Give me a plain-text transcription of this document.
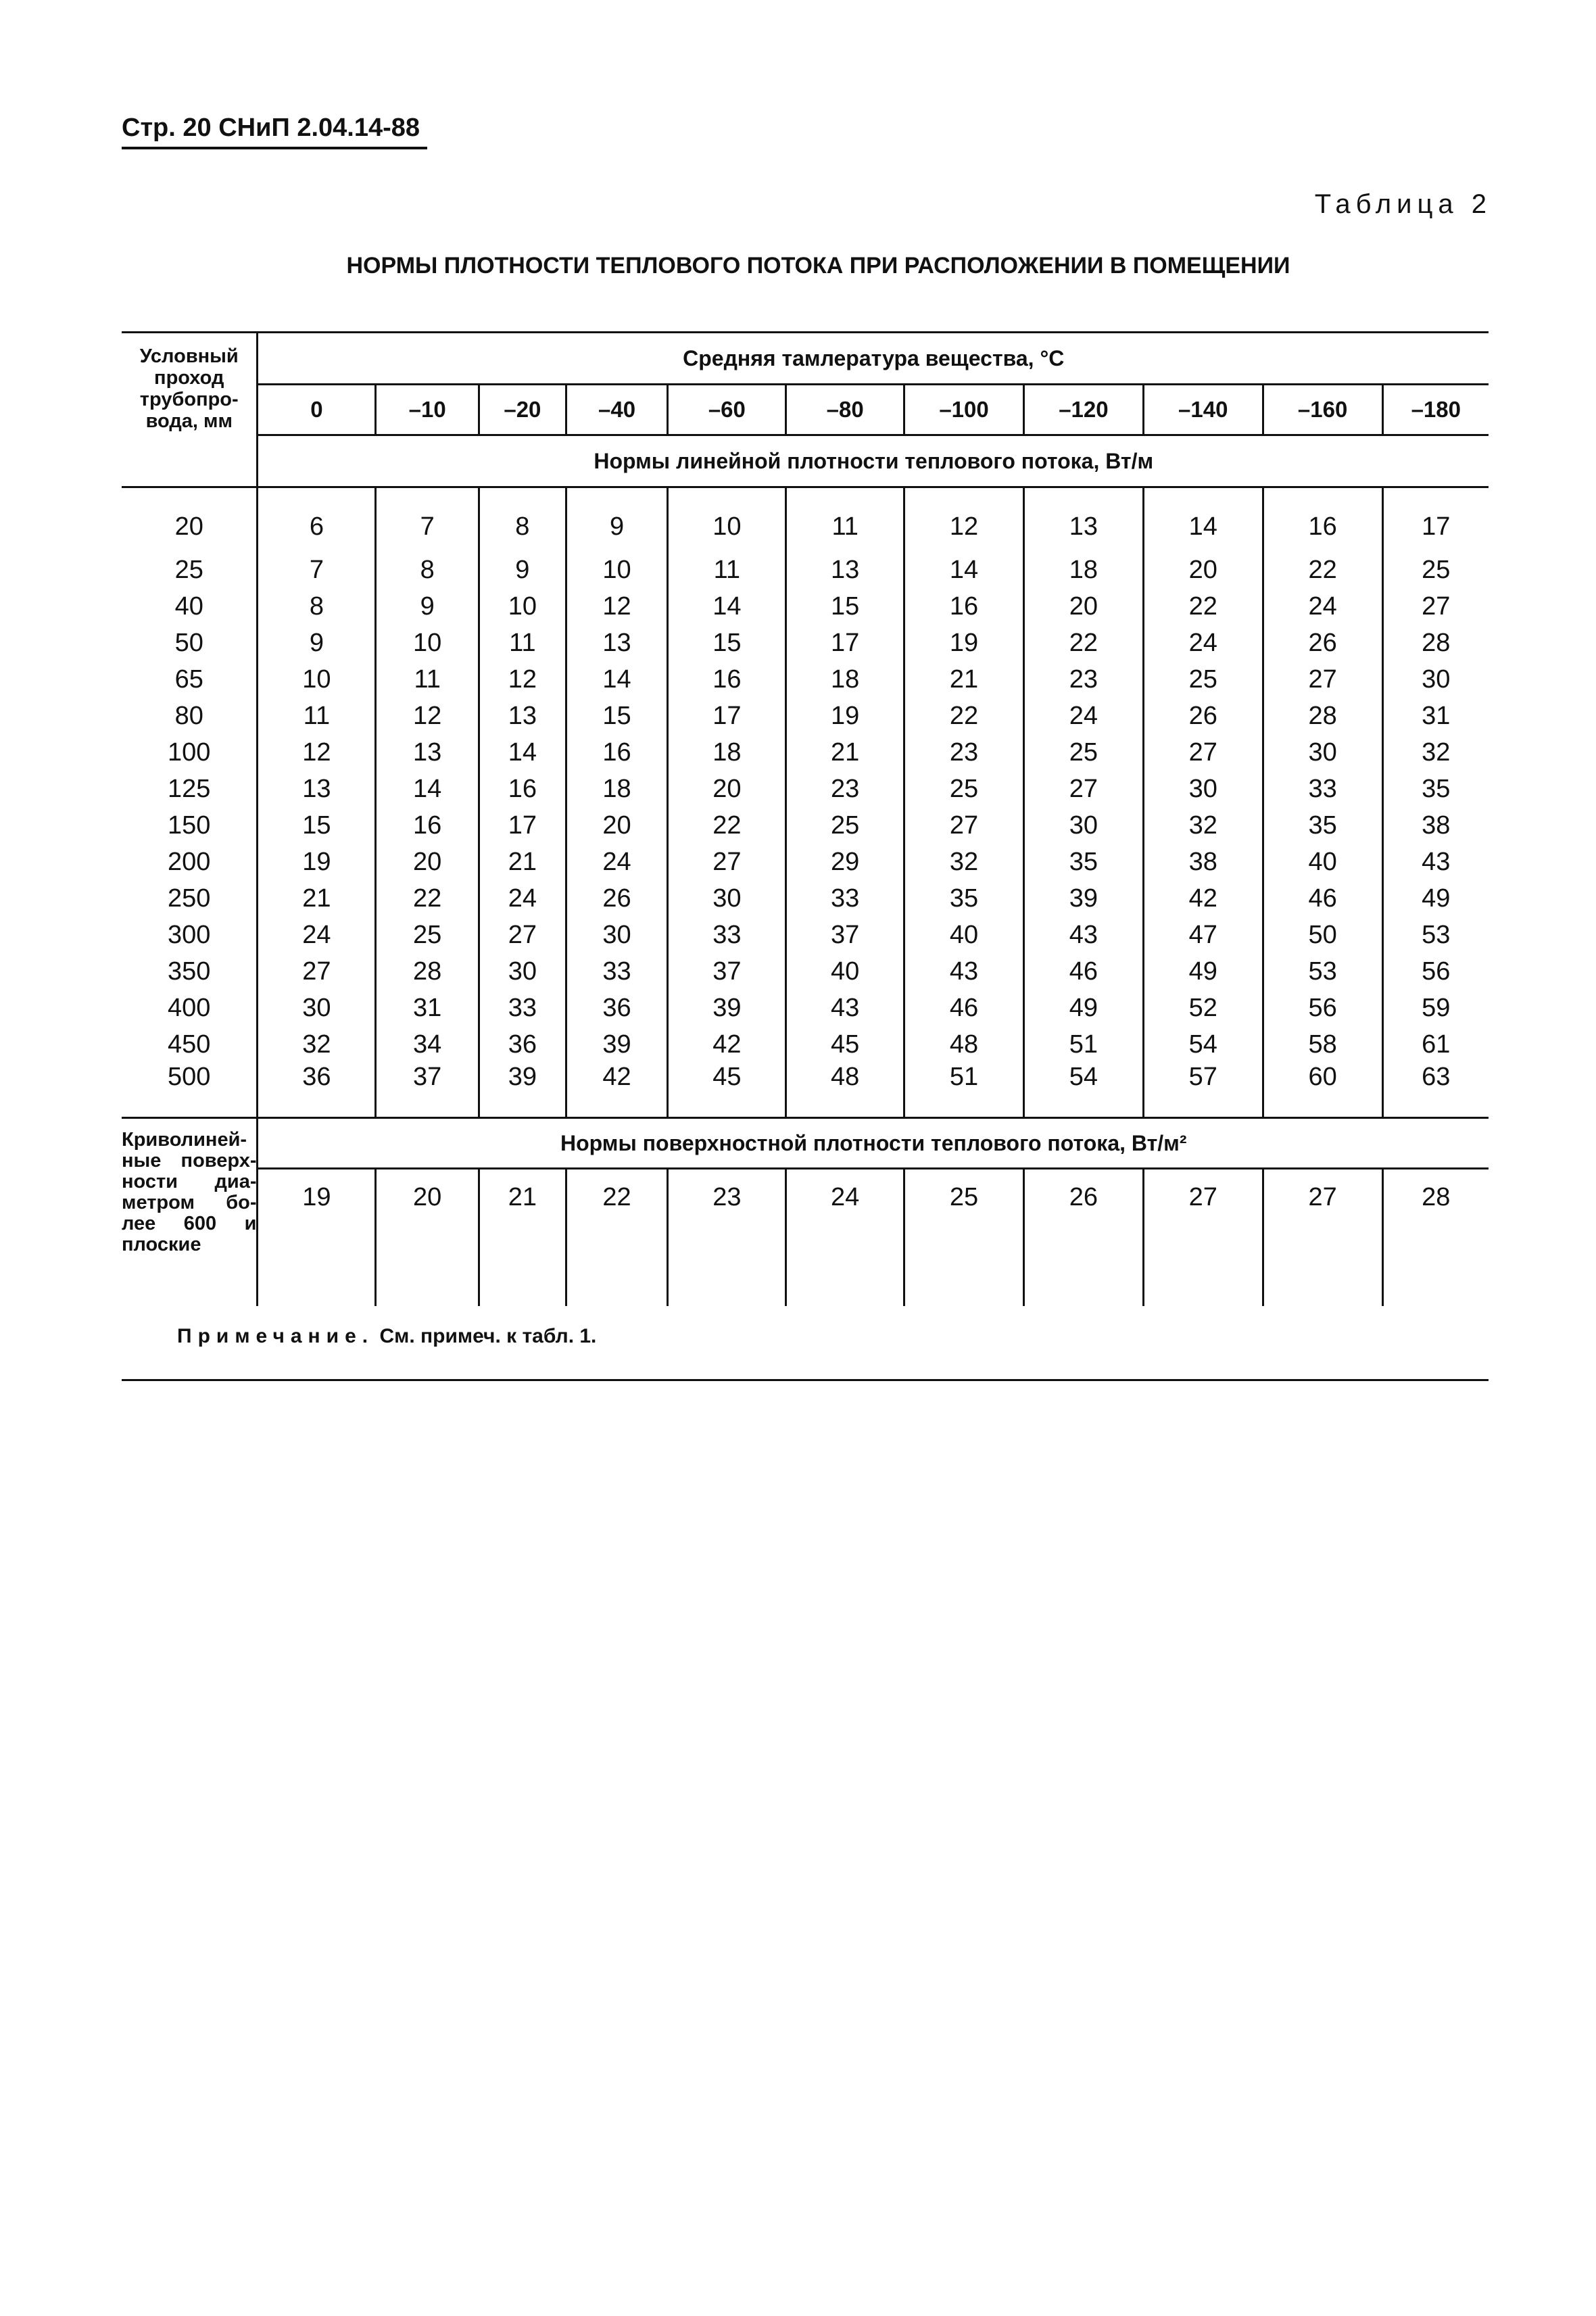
Стр. 20 СНиП 2.04.14-88
Таблица 2
НОРМЫ ПЛОТНОСТИ ТЕПЛОВОГО ПОТОКА ПРИ РАСПОЛОЖЕНИИ В ПОМЕЩЕНИИ
Условный проход трубопро- вода, мм	Средняя тамлература вещества, °С										
	0	–10	–20	–40	–60	–80	–100	–120	–140	–160	–180
	Нормы линейной плотности теплового потока, Вт/м										
20	6	7	8	9	10	11	12	13	14	16	17
25	7	8	9	10	11	13	14	18	20	22	25
40	8	9	10	12	14	15	16	20	22	24	27
50	9	10	11	13	15	17	19	22	24	26	28
65	10	11	12	14	16	18	21	23	25	27	30
80	11	12	13	15	17	19	22	24	26	28	31
100	12	13	14	16	18	21	23	25	27	30	32
125	13	14	16	18	20	23	25	27	30	33	35
150	15	16	17	20	22	25	27	30	32	35	38
200	19	20	21	24	27	29	32	35	38	40	43
250	21	22	24	26	30	33	35	39	42	46	49
300	24	25	27	30	33	37	40	43	47	50	53
350	27	28	30	33	37	40	43	46	49	53	56
400	30	31	33	36	39	43	46	49	52	56	59
450	32	34	36	39	42	45	48	51	54	58	61
500	36	37	39	42	45	48	51	54	57	60	63
Криволиней- ные поверх- ности диа- метром бо- лее 600 и плоские	Нормы поверхностной плотности теплового потока, Вт/м²										
	19	20	21	22	23	24	25	26	27	27	28
Примечание. См. примеч. к табл. 1.
